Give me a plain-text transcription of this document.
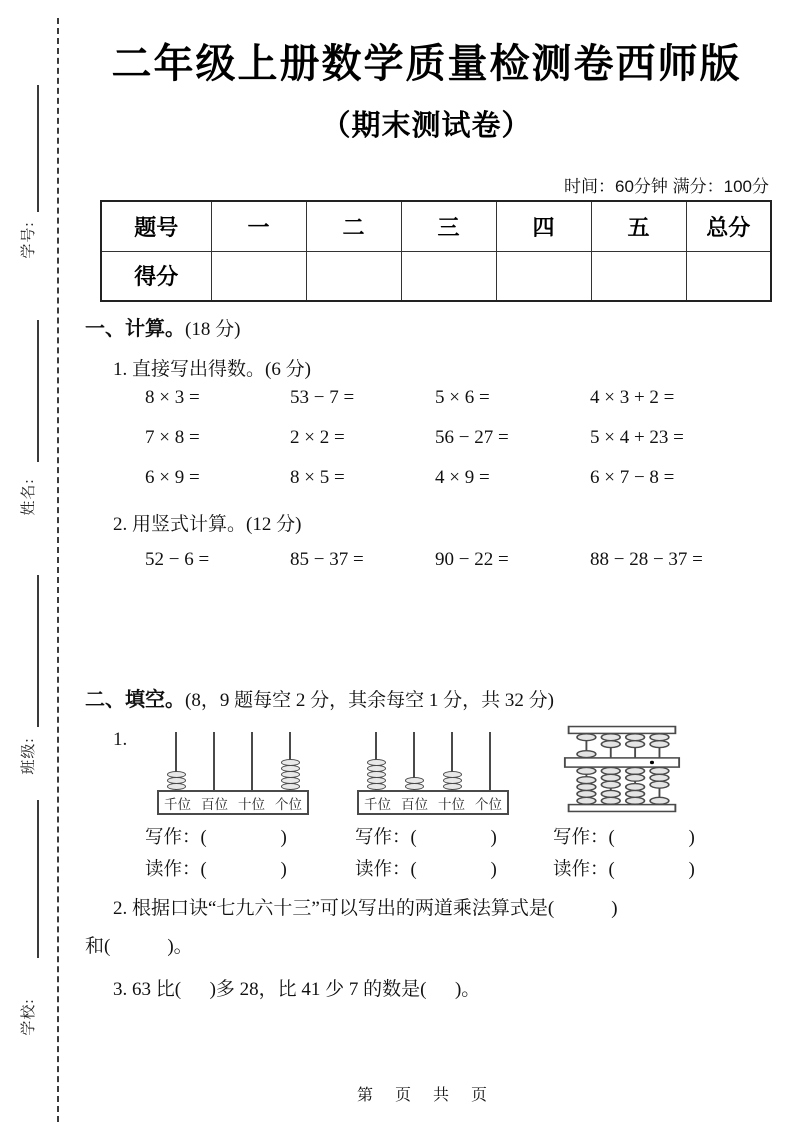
学号:
姓名:
班级:
学校:
二年级上册数学质量检测卷西师版
（期末测试卷）
时间：60分钟 满分：100分
题号	一	二	三	四	五	总分
得分						
一、计算。(18 分)
1. 直接写出得数。(6 分)
8 × 3 =	53 − 7 =	5 × 6 =	4 × 3 + 2 =
7 × 8 =	2 × 2 =	56 − 27 =	5 × 4 + 23 =
6 × 9 =	8 × 5 =	4 × 9 =	6 × 7 − 8 =
2. 用竖式计算。(12 分)
52 − 6 =	85 − 37 =	90 − 22 =	88 − 28 − 37 =
二、填空。(8，9 题每空 2 分，其余每空 1 分，共 32 分)
1.
千位 百位 十位 个位	千位 百位 十位 个位
写作：(                )	写作：(                )	写作：(                )
读作：(                )	读作：(                )	读作：(                )
2. 根据口诀“七九六十三”可以写出的两道乘法算式是(            )
和(            )。
3. 63 比(      )多 28，比 41 少 7 的数是(      )。
第 页 共 页
